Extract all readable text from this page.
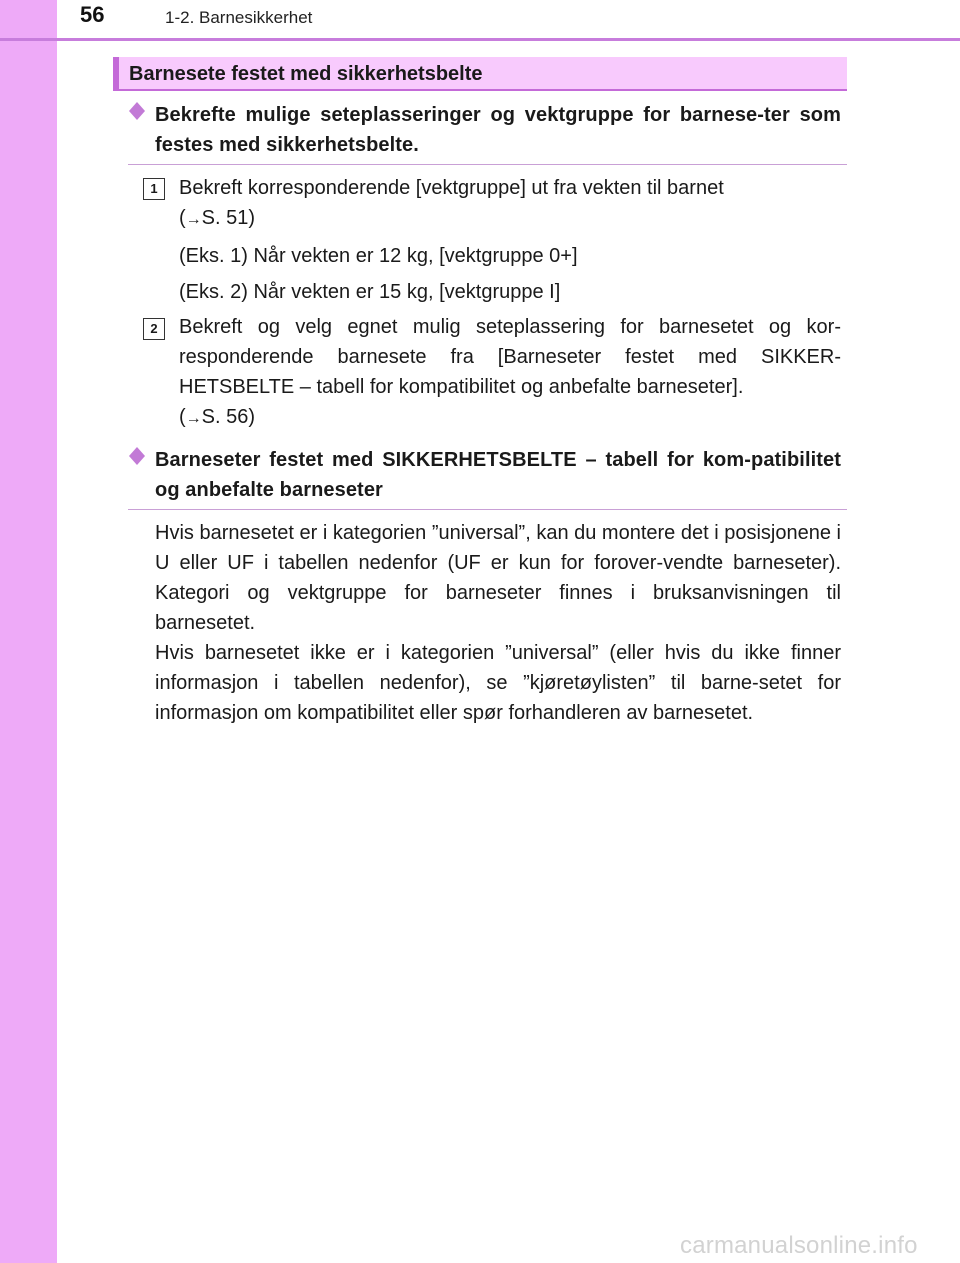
56	1-2. Barnesikkerhet
Barnesete festet med sikkerhetsbelte
Bekrefte mulige seteplasseringer og vektgruppe for barnese-ter som festes med sikkerhetsbelte.
1	Bekreft korresponderende [vektgruppe] ut fra vekten til barnet
(→S. 51)
(Eks. 1) Når vekten er 12 kg, [vektgruppe 0+]
(Eks. 2) Når vekten er 15 kg, [vektgruppe I]
2	Bekreft og velg egnet mulig seteplassering for barnesetet og kor-responderende barnesete fra [Barneseter festet med SIKKER-HETSBELTE – tabell for kompatibilitet og anbefalte barneseter].
(→S. 56)
Barneseter festet med SIKKERHETSBELTE – tabell for kom-patibilitet og anbefalte barneseter
Hvis barnesetet er i kategorien ”universal”, kan du montere det i posisjonene i U eller UF i tabellen nedenfor (UF er kun for forover-vendte barneseter). Kategori og vektgruppe for barneseter finnes i bruksanvisningen til barnesetet.
Hvis barnesetet ikke er i kategorien ”universal” (eller hvis du ikke finner informasjon i tabellen nedenfor), se ”kjøretøylisten” til barne-setet for informasjon om kompatibilitet eller spør forhandleren av barnesetet.
carmanualsonline.info
